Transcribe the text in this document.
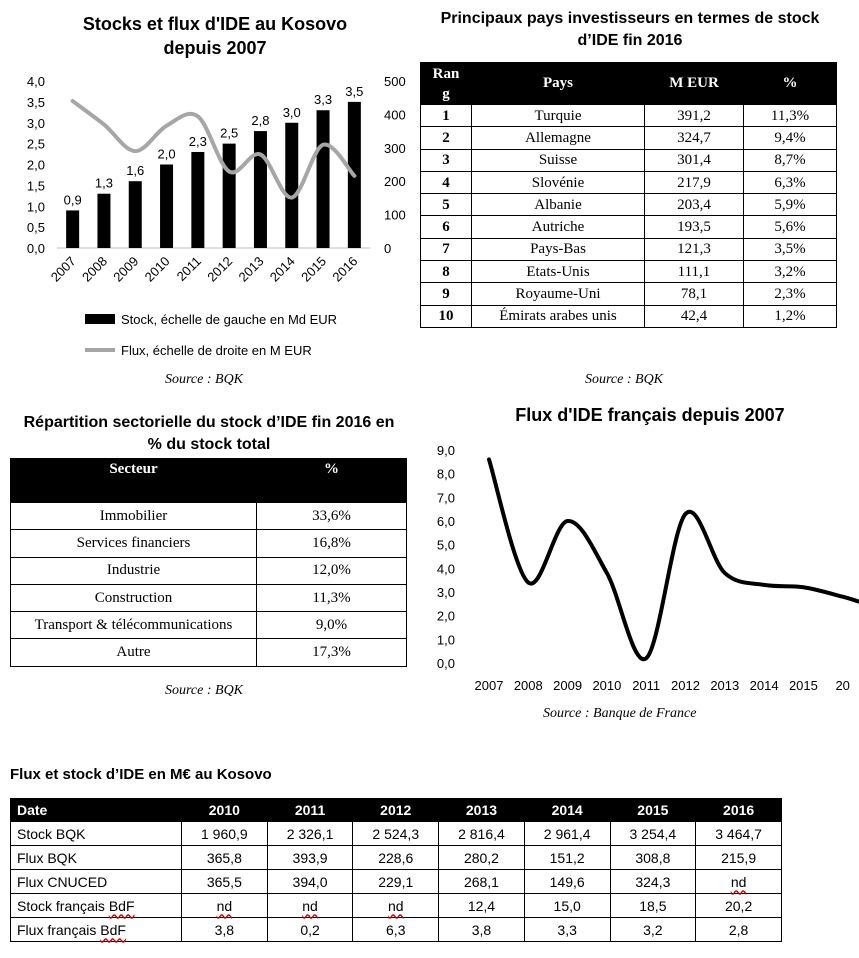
Stocks et flux d'IDE au Kosovo
depuis 2007
0,0
0,5
1,0
1,5
2,0
2,5
3,0
3,5
4,0
0
100
200
300
400
500
0,9
1,3
1,6
2,0
2,3
2,5
2,8
3,0
3,3
3,5
2007 2008 2009 2010 2011 2012 2013 2014 2015 2016
Stock, échelle de gauche en Md EUR
Flux, échelle de droite en M EUR
Source : BQK
Principaux pays investisseurs en termes de stock
d’IDE fin 2016
Ran
g	Pays	M EUR	%
1	Turquie	391,2	11,3%
2	Allemagne	324,7	9,4%
3	Suisse	301,4	8,7%
4	Slovénie	217,9	6,3%
5	Albanie	203,4	5,9%
6	Autriche	193,5	5,6%
7	Pays-Bas	121,3	3,5%
8	Etats-Unis	111,1	3,2%
9	Royaume-Uni	78,1	2,3%
10	Émirats arabes unis	42,4	1,2%
Source : BQK
Répartition sectorielle du stock d’IDE fin 2016 en
% du stock total
Secteur	%
Immobilier	33,6%
Services financiers	16,8%
Industrie	12,0%
Construction	11,3%
Transport & télécommunications	9,0%
Autre	17,3%
Source : BQK
Flux d'IDE français depuis 2007
0,0
1,0
2,0
3,0
4,0
5,0
6,0
7,0
8,0
9,0
2007 2008 2009 2010 2011 2012 2013 2014 2015 20
Source : Banque de France
Flux et stock d’IDE en M€ au Kosovo
Date	2010	2011	2012	2013	2014	2015	2016
Stock BQK	1 960,9	2 326,1	2 524,3	2 816,4	2 961,4	3 254,4	3 464,7
Flux BQK	365,8	393,9	228,6	280,2	151,2	308,8	215,9
Flux CNUCED	365,5	394,0	229,1	268,1	149,6	324,3	nd
Stock français BdF	nd	nd	nd	12,4	15,0	18,5	20,2
Flux français BdF	3,8	0,2	6,3	3,8	3,3	3,2	2,8
